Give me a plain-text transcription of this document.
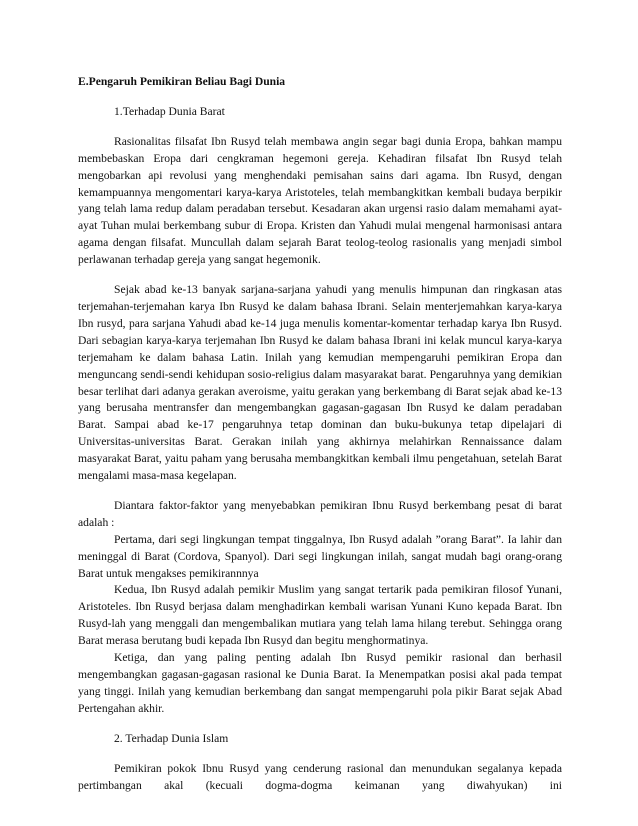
E.Pengaruh Pemikiran Beliau Bagi Dunia
1.Terhadap Dunia Barat
Rasionalitas filsafat Ibn Rusyd telah membawa angin segar bagi dunia Eropa, bahkan mampu membebaskan Eropa dari cengkraman hegemoni gereja. Kehadiran filsafat Ibn Rusyd telah mengobarkan api revolusi yang menghendaki pemisahan sains dari agama. Ibn Rusyd, dengan kemampuannya mengomentari karya-karya Aristoteles, telah membangkitkan kembali budaya berpikir yang telah lama redup dalam peradaban tersebut. Kesadaran akan urgensi rasio dalam memahami ayat-ayat Tuhan mulai berkembang subur di Eropa. Kristen dan Yahudi mulai mengenal harmonisasi antara agama dengan filsafat. Muncullah dalam sejarah Barat teolog-teolog rasionalis yang menjadi simbol perlawanan terhadap gereja yang sangat hegemonik.
Sejak abad ke-13 banyak sarjana-sarjana yahudi yang menulis himpunan dan ringkasan atas terjemahan-terjemahan karya Ibn Rusyd ke dalam bahasa Ibrani. Selain menterjemahkan karya-karya Ibn rusyd, para sarjana Yahudi abad ke-14 juga menulis komentar-komentar terhadap karya Ibn Rusyd. Dari sebagian karya-karya terjemahan Ibn Rusyd ke dalam bahasa Ibrani ini kelak muncul karya-karya terjemaham ke dalam bahasa Latin. Inilah yang kemudian mempengaruhi pemikiran Eropa dan menguncang sendi-sendi kehidupan sosio-religius dalam masyarakat barat. Pengaruhnya yang demikian besar terlihat dari adanya gerakan averoisme, yaitu gerakan yang berkembang di Barat sejak abad ke-13 yang berusaha mentransfer dan mengembangkan gagasan-gagasan Ibn Rusyd ke dalam peradaban Barat. Sampai abad ke-17 pengaruhnya tetap dominan dan buku-bukunya tetap dipelajari di Universitas-universitas Barat. Gerakan inilah yang akhirnya melahirkan Rennaissance dalam masyarakat Barat, yaitu paham yang berusaha membangkitkan kembali ilmu pengetahuan, setelah Barat mengalami masa-masa kegelapan.
Diantara faktor-faktor yang menyebabkan pemikiran Ibnu Rusyd berkembang pesat di barat adalah :
Pertama, dari segi lingkungan tempat tinggalnya, Ibn Rusyd adalah ”orang Barat”. Ia lahir dan meninggal di Barat (Cordova, Spanyol). Dari segi lingkungan inilah, sangat mudah bagi orang-orang Barat untuk mengakses pemikirannnya
Kedua, Ibn Rusyd adalah pemikir Muslim yang sangat tertarik pada pemikiran filosof Yunani, Aristoteles. Ibn Rusyd berjasa dalam menghadirkan kembali warisan Yunani Kuno kepada Barat. Ibn Rusyd-lah yang menggali dan mengembalikan mutiara yang telah lama hilang terebut. Sehingga orang Barat merasa berutang budi kepada Ibn Rusyd dan begitu menghormatinya.
Ketiga, dan yang paling penting adalah Ibn Rusyd pemikir rasional dan berhasil mengembangkan gagasan-gagasan rasional ke Dunia Barat. Ia Menempatkan posisi akal pada tempat yang tinggi. Inilah yang kemudian berkembang dan sangat mempengaruhi pola pikir Barat sejak Abad Pertengahan akhir.
2. Terhadap Dunia Islam
Pemikiran pokok Ibnu Rusyd yang cenderung rasional dan menundukan segalanya kepada pertimbangan akal (kecuali dogma-dogma keimanan yang diwahyukan) ini
